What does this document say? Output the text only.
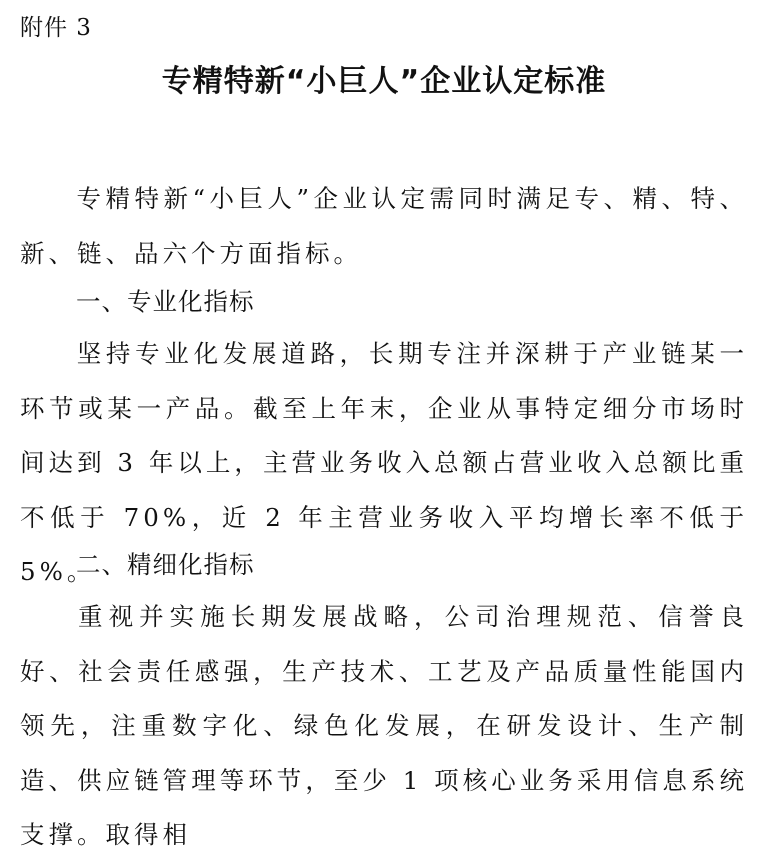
附件 3
专精特新“小巨人”企业认定标准
专精特新“小巨人”企业认定需同时满足专、精、特、新、链、品六个方面指标。
一、专业化指标
坚持专业化发展道路，长期专注并深耕于产业链某一环节或某一产品。截至上年末，企业从事特定细分市场时间达到 3 年以上，主营业务收入总额占营业收入总额比重不低于 70%，近 2 年主营业务收入平均增长率不低于 5%。
二、精细化指标
重视并实施长期发展战略，公司治理规范、信誉良好、社会责任感强，生产技术、工艺及产品质量性能国内领先，注重数字化、绿色化发展，在研发设计、生产制造、供应链管理等环节，至少 1 项核心业务采用信息系统支撑。取得相
